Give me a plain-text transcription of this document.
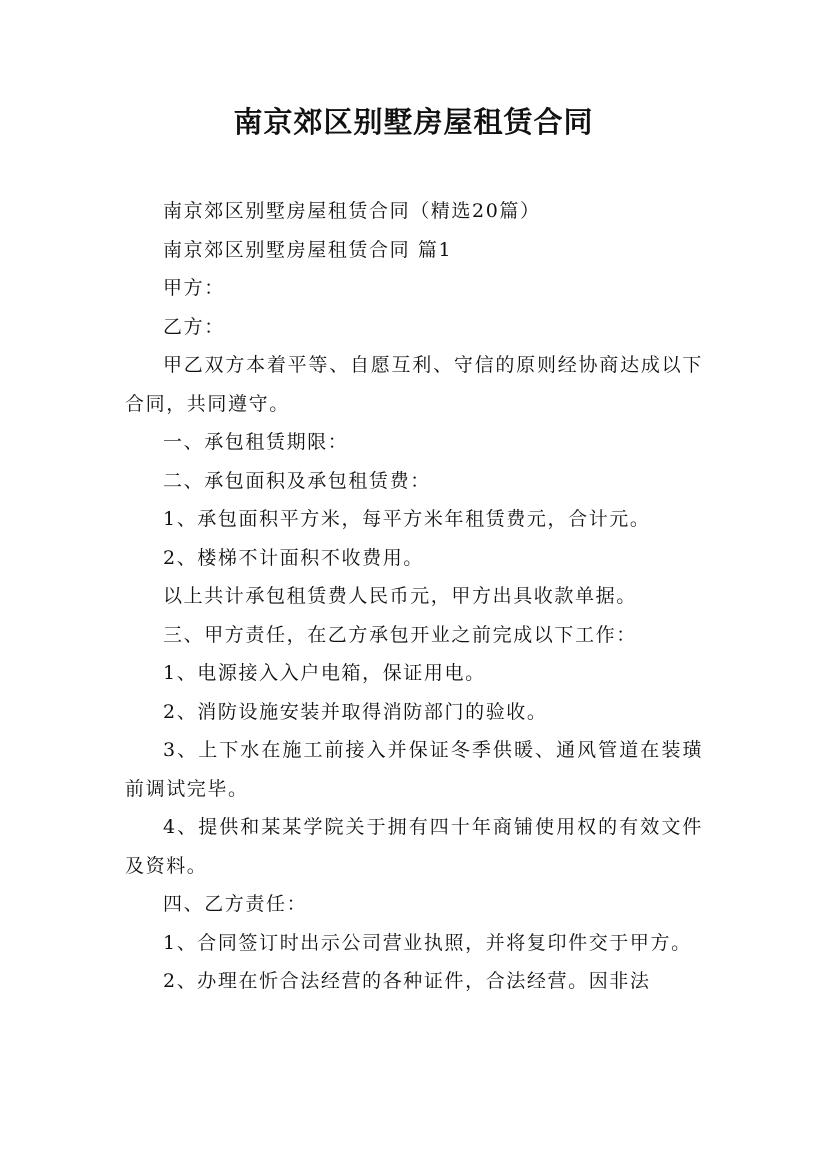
南京郊区别墅房屋租赁合同

南京郊区别墅房屋租赁合同（精选20篇）

南京郊区别墅房屋租赁合同 篇1

甲方：

乙方：

甲乙双方本着平等、自愿互利、守信的原则经协商达成以下合同，共同遵守。

一、承包租赁期限：

二、承包面积及承包租赁费：

1、承包面积平方米，每平方米年租赁费元，合计元。

2、楼梯不计面积不收费用。

以上共计承包租赁费人民币元，甲方出具收款单据。

三、甲方责任，在乙方承包开业之前完成以下工作：

1、电源接入入户电箱，保证用电。

2、消防设施安装并取得消防部门的验收。

3、上下水在施工前接入并保证冬季供暖、通风管道在装璜前调试完毕。

4、提供和某某学院关于拥有四十年商铺使用权的有效文件及资料。

四、乙方责任：

1、合同签订时出示公司营业执照，并将复印件交于甲方。

2、办理在忻合法经营的各种证件，合法经营。因非法
